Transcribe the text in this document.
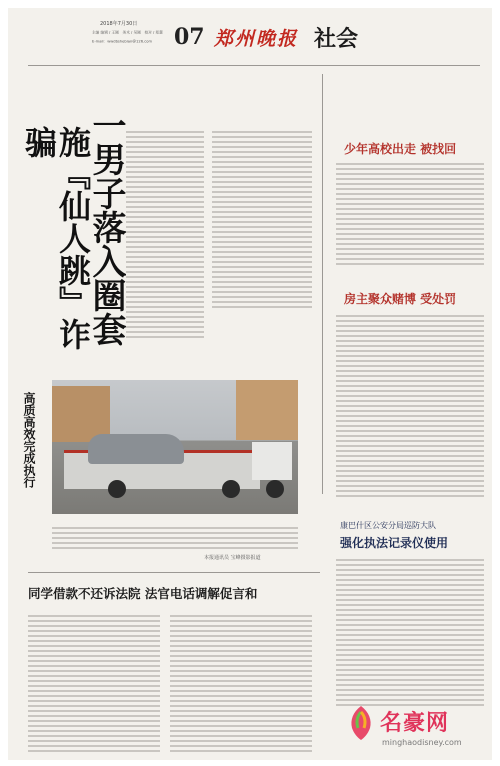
2018年7月30日
主编 编辑 / 王刚　美术 / 吴刚　校对 / 郑慧
E-mail：wwdbshebian@126.com 07 郑州晚报 社会
一男子落入圈套
施『仙人跳』诈骗
高质高效完成执行
本报通讯员 宝峰摄影报道
同学借款不还诉法院 法官电话调解促言和
少年高校出走 被找回
房主聚众赌博 受处罚
康巴什区公安分局巡防大队
强化执法记录仪使用
名豪网
minghaodisney.com
